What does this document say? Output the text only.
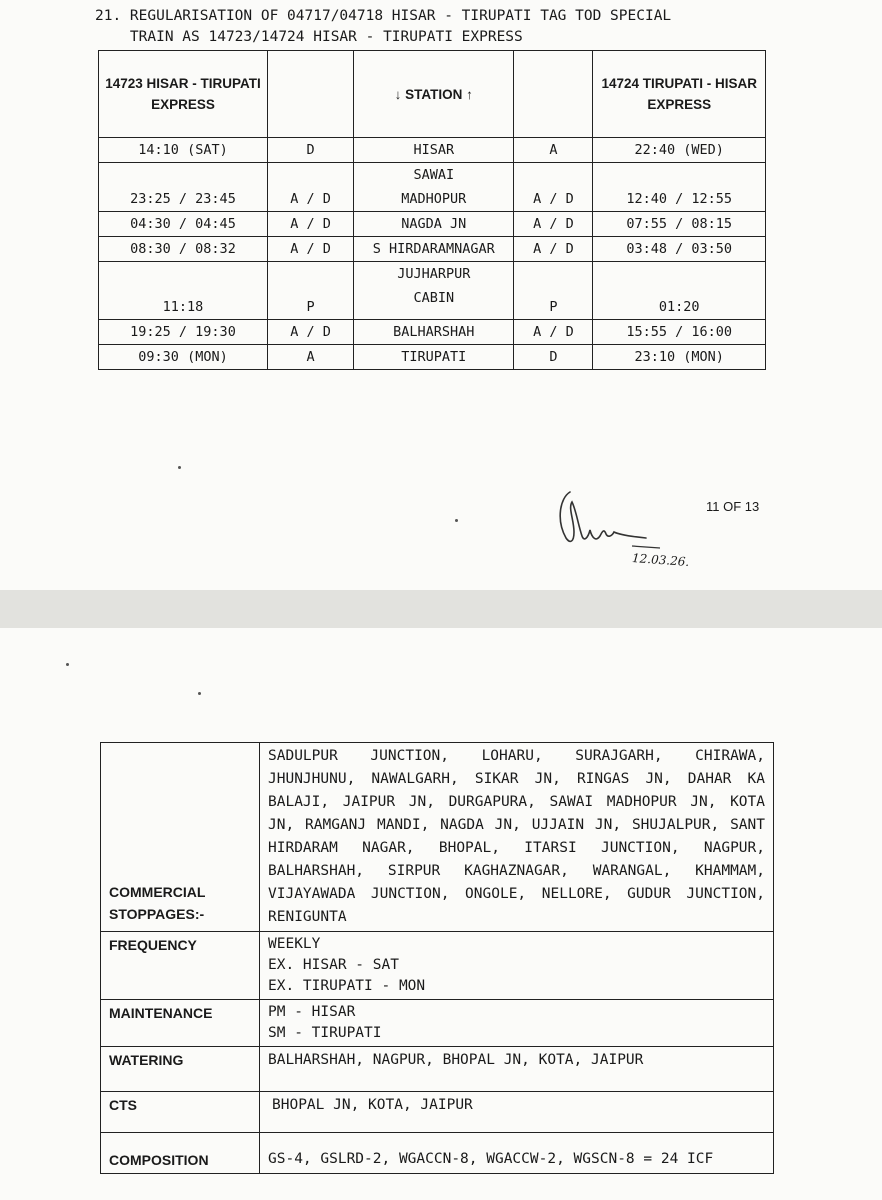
21. REGULARISATION OF 04717/04718 HISAR - TIRUPATI TAG TOD SPECIAL
TRAIN AS 14723/14724 HISAR - TIRUPATI EXPRESS
14723 HISAR - TIRUPATI EXPRESS		↓ STATION ↑		14724 TIRUPATI - HISAR EXPRESS
14:10 (SAT)	D	HISAR	A	22:40 (WED)
23:25 / 23:45	A / D	SAWAI MADHOPUR	A / D	12:40 / 12:55
04:30 / 04:45	A / D	NAGDA JN	A / D	07:55 / 08:15
08:30 / 08:32	A / D	S HIRDARAMNAGAR	A / D	03:48 / 03:50
11:18	P	JUJHARPUR CABIN	P	01:20
19:25 / 19:30	A / D	BALHARSHAH	A / D	15:55 / 16:00
09:30 (MON)	A	TIRUPATI	D	23:10 (MON)
12.03.26.
11 OF 13
COMMERCIAL STOPPAGES:-	SADULPUR JUNCTION, LOHARU, SURAJGARH, CHIRAWA, JHUNJHUNU, NAWALGARH, SIKAR JN, RINGAS JN, DAHAR KA BALAJI, JAIPUR JN, DURGAPURA, SAWAI MADHOPUR JN, KOTA JN, RAMGANJ MANDI, NAGDA JN, UJJAIN JN, SHUJALPUR, SANT HIRDARAM NAGAR, BHOPAL, ITARSI JUNCTION, NAGPUR, BALHARSHAH, SIRPUR KAGHAZNAGAR, WARANGAL, KHAMMAM, VIJAYAWADA JUNCTION, ONGOLE, NELLORE, GUDUR JUNCTION, RENIGUNTA
FREQUENCY	WEEKLY
EX. HISAR - SAT
EX. TIRUPATI - MON

MAINTENANCE	PM - HISAR
SM - TIRUPATI

WATERING	BALHARSHAH, NAGPUR, BHOPAL JN, KOTA, JAIPUR
CTS	BHOPAL JN, KOTA, JAIPUR
COMPOSITION	GS-4, GSLRD-2, WGACCN-8, WGACCW-2, WGSCN-8 = 24 ICF
